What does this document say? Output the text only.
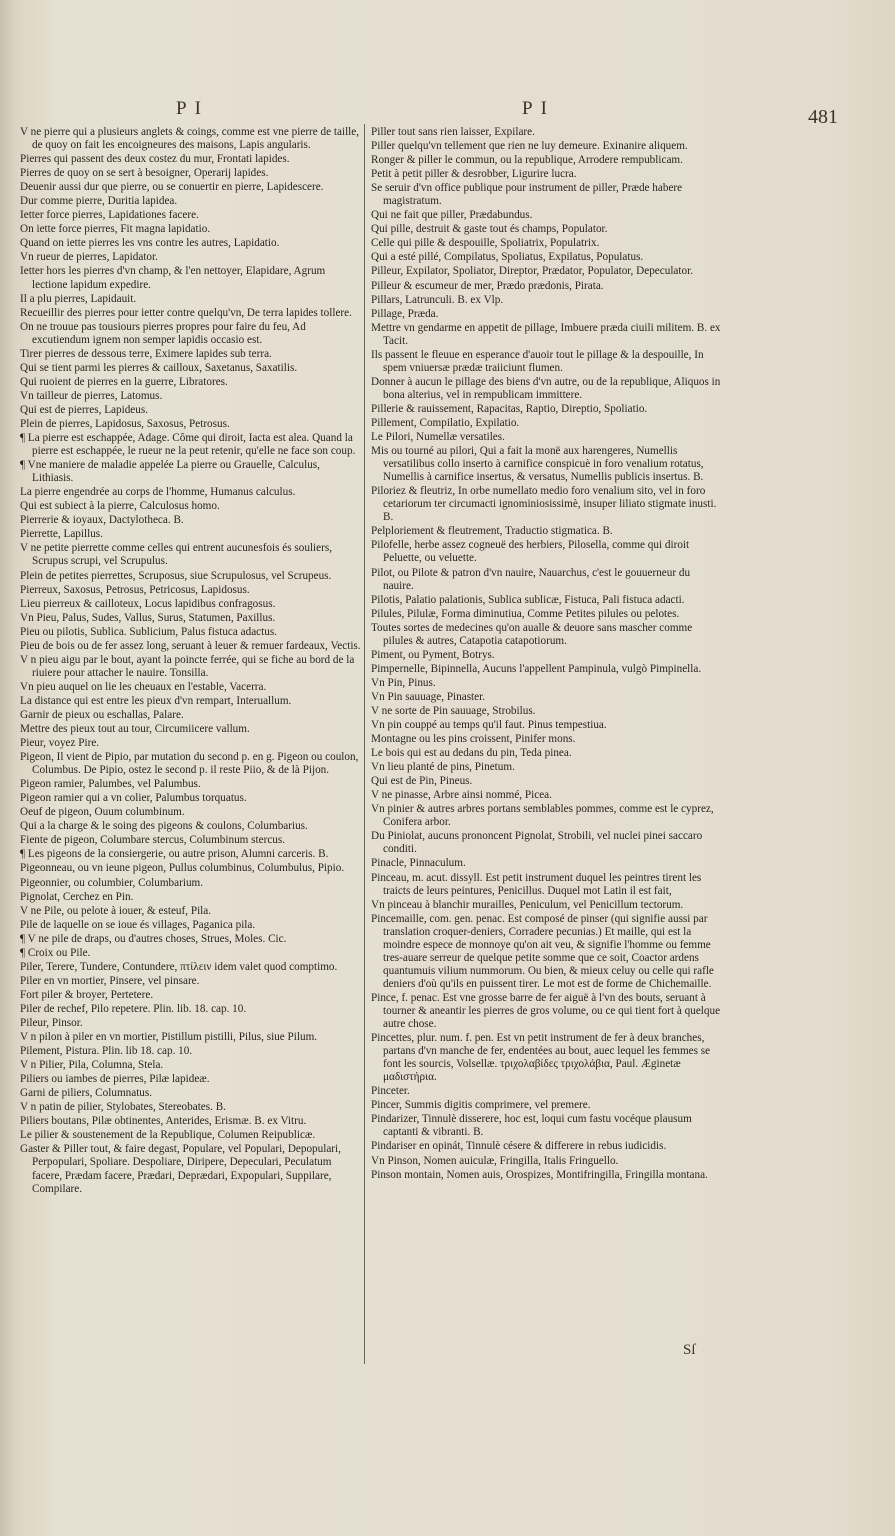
PI	PI	481
V ne pierre qui a plusieurs anglets & coings, comme est vne pierre de taille, de quoy on fait les encoigneures des maisons, Lapis angularis.
Pierres qui passent des deux costez du mur, Frontati lapides.
Pierres de quoy on se sert à besoigner, Operarij lapides.
Deuenir aussi dur que pierre, ou se conuertir en pierre, Lapidescere.
Dur comme pierre, Duritia lapidea.
Ietter force pierres, Lapidationes facere.
On iette force pierres, Fit magna lapidatio.
Quand on iette pierres les vns contre les autres, Lapidatio.
Vn rueur de pierres, Lapidator.
Ietter hors les pierres d'vn champ, & l'en nettoyer, Elapidare, Agrum lectione lapidum expedire.
Il a plu pierres, Lapidauit.
Recueillir des pierres pour ietter contre quelqu'vn, De terra lapides tollere.
On ne trouue pas tousiours pierres propres pour faire du feu, Ad excutiendum ignem non semper lapidis occasio est.
Tirer pierres de dessous terre, Eximere lapides sub terra.
Qui se tient parmi les pierres & cailloux, Saxetanus, Saxatilis.
Qui ruoient de pierres en la guerre, Libratores.
Vn tailleur de pierres, Latomus.
Qui est de pierres, Lapideus.
Plein de pierres, Lapidosus, Saxosus, Petrosus.
¶ La pierre est eschappée, Adage. Côme qui diroit, Iacta est alea. Quand la pierre est eschappée, le rueur ne la peut retenir, qu'elle ne face son coup.
¶ Vne maniere de maladie appelée La pierre ou Grauelle, Calculus, Lithiasis.
La pierre engendrée au corps de l'homme, Humanus calculus.
Qui est subiect à la pierre, Calculosus homo.
Pierrerie & ioyaux, Dactylotheca. B.
Pierrette, Lapillus.
V ne petite pierrette comme celles qui entrent aucunesfois és souliers, Scrupus scrupi, vel Scrupulus.
Plein de petites pierrettes, Scruposus, siue Scrupulosus, vel Scrupeus.
Pierreux, Saxosus, Petrosus, Petricosus, Lapidosus.
Lieu pierreux & cailloteux, Locus lapidibus confragosus.
Vn Pieu, Palus, Sudes, Vallus, Surus, Statumen, Paxillus.
Pieu ou pilotis, Sublica. Sublicium, Palus fistuca adactus.
Pieu de bois ou de fer assez long, seruant à leuer & remuer fardeaux, Vectis.
V n pieu aigu par le bout, ayant la poincte ferrée, qui se fiche au bord de la riuiere pour attacher le nauire. Tonsilla.
Vn pieu auquel on lie les cheuaux en l'estable, Vacerra.
La distance qui est entre les pieux d'vn rempart, Interuallum.
Garnir de pieux ou eschallas, Palare.
Mettre des pieux tout au tour, Circumiicere vallum.
Pieur, voyez Pire.
Pigeon, Il vient de Pipio, par mutation du second p. en g. Pigeon ou coulon, Columbus. De Pipio, ostez le second p. il reste Piio, & de là Pijon.
Pigeon ramier, Palumbes, vel Palumbus.
Pigeon ramier qui a vn colier, Palumbus torquatus.
Oeuf de pigeon, Ouum columbinum.
Qui a la charge & le soing des pigeons & coulons, Columbarius.
Fiente de pigeon, Columbare stercus, Columbinum stercus.
¶ Les pigeons de la consiergerie, ou autre prison, Alumni carceris. B.
Pigeonneau, ou vn ieune pigeon, Pullus columbinus, Columbulus, Pipio.
Pigeonnier, ou columbier, Columbarium.
Pignolat, Cerchez en Pin.
V ne Pile, ou pelote à iouer, & esteuf, Pila.
Pile de laquelle on se ioue és villages, Paganica pila.
¶ V ne pile de draps, ou d'autres choses, Strues, Moles. Cic.
¶ Croix ou Pile.
Piler, Terere, Tundere, Contundere, πτίλειν idem valet quod comptimo.
Piler en vn mortier, Pinsere, vel pinsare.
Fort piler & broyer, Pertetere.
Piler de rechef, Pilo repetere. Plin. lib. 18. cap. 10.
Pileur, Pinsor.
V n pilon à piler en vn mortier, Pistillum pistilli, Pilus, siue Pilum.
Pilement, Pistura. Plin. lib 18. cap. 10.
V n Pilier, Pila, Columna, Stela.
Piliers ou iambes de pierres, Pilæ lapideæ.
Garni de piliers, Columnatus.
V n patin de pilier, Stylobates, Stereobates. B.
Piliers boutans, Pilæ obtinentes, Anterides, Erismæ. B. ex Vitru.
Le pilier & soustenement de la Republique, Columen Reipublicæ.
Gaster & Piller tout, & faire degast, Populare, vel Populari, Depopulari, Perpopulari, Spoliare. Despoliare, Diripere, Depeculari, Peculatum facere, Prædam facere, Prædari, Deprædari, Expopulari, Suppilare, Compilare.
Piller tout sans rien laisser, Expilare.
Piller quelqu'vn tellement que rien ne luy demeure. Exinanire aliquem.
Ronger & piller le commun, ou la republique, Arrodere rempublicam.
Petit à petit piller & desrobber, Ligurire lucra.
Se seruir d'vn office publique pour instrument de piller, Præde habere magistratum.
Qui ne fait que piller, Prædabundus.
Qui pille, destruit & gaste tout és champs, Populator.
Celle qui pille & despouille, Spoliatrix, Populatrix.
Qui a esté pillé, Compilatus, Spoliatus, Expilatus, Populatus.
Pilleur, Expilator, Spoliator, Direptor, Prædator, Populator, Depeculator.
Pilleur & escumeur de mer, Prædo prædonis, Pirata.
Pillars, Latrunculi. B. ex Vlp.
Pillage, Præda.
Mettre vn gendarme en appetit de pillage, Imbuere præda ciuili militem. B. ex Tacit.
Ils passent le fleuue en esperance d'auoir tout le pillage & la despouille, In spem vniuersæ prædæ traiiciunt flumen.
Donner à aucun le pillage des biens d'vn autre, ou de la republique, Aliquos in bona alterius, vel in rempublicam immittere.
Pillerie & rauissement, Rapacitas, Raptio, Direptio, Spoliatio.
Pillement, Compilatio, Expilatio.
Le Pilori, Numellæ versatiles.
Mis ou tourné au pilori, Qui a fait la monë aux harengeres, Numellis versatilibus collo inserto à carnifice conspicuè in foro venalium rotatus, Numellis à carnifice insertus, & versatus, Numellis publicis insertus. B.
Piloriez & fleutriz, In orbe numellato medio foro venalium sito, vel in foro cetariorum ter circumacti ignominiosissimè, insuper liliato stigmate inusti. B.
Pelploriement & fleutrement, Traductio stigmatica. B.
Pilofelle, herbe assez cogneuë des herbiers, Pilosella, comme qui diroit Peluette, ou veluette.
Pilot, ou Pilote & patron d'vn nauire, Nauarchus, c'est le gouuerneur du nauire.
Pilotis, Palatio palationis, Sublica sublicæ, Fistuca, Pali fistuca adacti.
Pilules, Pilulæ, Forma diminutiua, Comme Petites pilules ou pelotes.
Toutes sortes de medecines qu'on aualle & deuore sans mascher comme pilules & autres, Catapotia catapotiorum.
Piment, ou Pyment, Botrys.
Pimpernelle, Bipinnella, Aucuns l'appellent Pampinula, vulgò Pimpinella.
Vn Pin, Pinus.
Vn Pin sauuage, Pinaster.
V ne sorte de Pin sauuage, Strobilus.
Vn pin couppé au temps qu'il faut. Pinus tempestiua.
Montagne ou les pins croissent, Pinifer mons.
Le bois qui est au dedans du pin, Teda pinea.
Vn lieu planté de pins, Pinetum.
Qui est de Pin, Pineus.
V ne pinasse, Arbre ainsi nommé, Picea.
Vn pinier & autres arbres portans semblables pommes, comme est le cyprez, Conifera arbor.
Du Piniolat, aucuns prononcent Pignolat, Strobili, vel nuclei pinei saccaro conditi.
Pinacle, Pinnaculum.
Pinceau, m. acut. dissyll. Est petit instrument duquel les peintres tirent les traicts de leurs peintures, Penicillus. Duquel mot Latin il est fait,
Vn pinceau à blanchir murailles, Peniculum, vel Penicillum tectorum.
Pincemaille, com. gen. penac. Est composé de pinser (qui signifie aussi par translation croquer-deniers, Corradere pecunias.) Et maille, qui est la moindre espece de monnoye qu'on ait veu, & signifie l'homme ou femme tres-auare serreur de quelque petite somme que ce soit, Coactor ardens quantumuis vilium nummorum. Ou bien, & mieux celuy ou celle qui rafle deniers d'où qu'ils en puissent tirer. Le mot est de forme de Chichemaille.
Pince, f. penac. Est vne grosse barre de fer aiguë à l'vn des bouts, seruant à tourner & aneantir les pierres de gros volume, ou ce qui tient fort à quelque autre chose.
Pincettes, plur. num. f. pen. Est vn petit instrument de fer à deux branches, partans d'vn manche de fer, endentées au bout, auec lequel les femmes se font les sourcis, Volsellæ. τριχολαβίδες τριχολάβια, Paul. Æginetæ μαδιστήρια.
Pinceter.
Pincer, Summis digitis comprimere, vel premere.
Pindarizer, Tinnulè disserere, hoc est, loqui cum fastu vocéque plausum captanti & vibranti. B.
Pindariser en opinát, Tinnulè césere & differere in rebus iudicidis.
Vn Pinson, Nomen auiculæ, Fringilla, Italis Fringuello.
Pinson montain, Nomen auis, Orospizes, Montifringilla, Fringilla montana.
Sſ
